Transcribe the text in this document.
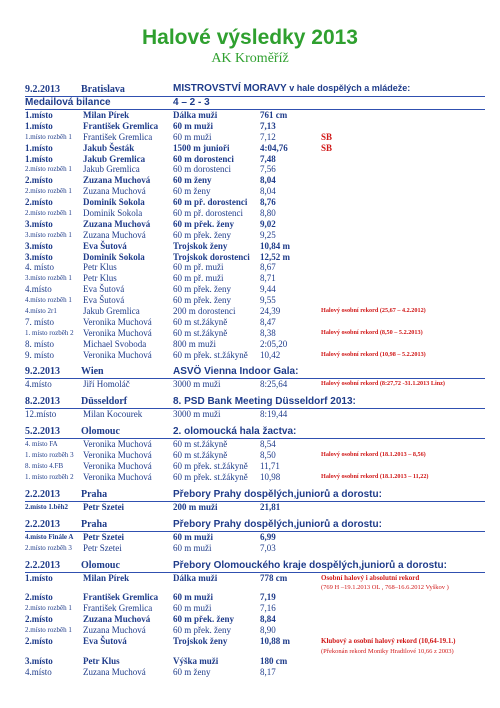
Halové výsledky 2013
AK Kroměříž
9.2.2013 Bratislava	MISTROVSTVÍ MORAVY v hale dospělých a mládeže:
Medailová bilance	4 – 2 - 3
1.místo	Milan Pírek	Dálka muži	761 cm
1.místo	František Gremlica 60 m muži	7,13
1.místo rozběh 1 František Gremlica 60 m muži	7,12	SB
1.místo	Jakub Šesták	1500 m junioři	4:04,76	SB
1.místo	Jakub Gremlica	60 m dorostenci	7,48
2.místo rozběh 1 Jakub Gremlica	60 m dorostenci	7,56
2.místo	Zuzana Muchová	60 m ženy	8,04
2.místo rozběh 1 Zuzana Muchová	60 m ženy	8,04
2.místo	Dominik Sokola	60 m př. dorostenci 8,76
2.místo rozběh 1 Dominik Sokola	60 m př. dorostenci 8,80
3.místo	Zuzana Muchová	60 m přek. ženy	9,02
3.místo rozběh 1 Zuzana Muchová	60 m přek. ženy	9,25
3.místo	Eva Šutová	Trojskok ženy	10,84 m
3.místo	Dominik Sokola	Trojskok dorostenci 12,52 m
4. místo	Petr Klus	60 m př. muži	8,67
3.místo rozběh 1 Petr Klus	60 m př. muži	8,71
4.místo	Eva Šutová	60 m přek. ženy	9,44
4.místo rozběh 1 Eva Šutová	60 m přek. ženy	9,55
4.místo 2r1	Jakub Gremlica	200 m dorostenci	24,39	Halový osobní rekord (25,67 – 4.2.2012)
7. místo	Veronika Muchová 60 m st.žákyně	8,47
1. místo rozběh 2 Veronika Muchová 60 m st.žákyně	8,38	Halový osobní rekord (8,50 – 5.2.2013)
8. místo	Michael Svoboda	800 m muži	2:05,20
9. místo	Veronika Muchová 60 m přek. st.žákyně 10,42	Halový osobní rekord (10,98 – 5.2.2013)
9.2.2013 Wien	ASVÖ Vienna Indoor Gala:
4.místo	Jiří Homoláč	3000 m muži	8:25,64	Halový osobní rekord (8:27,72 -31.1.2013 Linz)
8.2.2013 Düsseldorf	8. PSD Bank Meeting Düsseldorf 2013:
12.místo	Milan Kocourek	3000 m muži	8:19,44
5.2.2013 Olomouc	2. olomoucká hala žactva:
4. místo FA	Veronika Muchová 60 m st.žákyně	8,54
1. místo rozběh 3 Veronika Muchová 60 m st.žákyně	8,50	Halový osobní rekord (18.1.2013 – 8,56)
8. místo 4.FB Veronika Muchová 60 m přek. st.žákyně 11,71
1. místo rozběh 2 Veronika Muchová 60 m přek. st.žákyně 10,98	Halový osobní rekord (18.1.2013 – 11,22)
2.2.2013 Praha	Přebory Prahy dospělých,juniorů a dorostu:
2.místo 1.běh2 Petr Szetei	200 m muži	21,81
2.2.2013 Praha	Přebory Prahy dospělých,juniorů a dorostu:
4.místo Finále A Petr Szetei	60 m muži	6,99
2.místo rozběh 3 Petr Szetei	60 m muži	7,03
2.2.2013 Olomouc	Přebory Olomouckého kraje dospělých,juniorů a dorostu:
1.místo	Milan Pírek	Dálka muži	778 cm	Osobní halový i absolutní rekord
(769 H –19.1.2013 OL , 768–16.6.2012 Vyškov )
2.místo	František Gremlica 60 m muži	7,19
2.místo rozběh 1 František Gremlica 60 m muži	7,16
2.místo	Zuzana Muchová	60 m přek. ženy	8,84
2.místo rozběh 1 Zuzana Muchová	60 m přek. ženy	8,90
2.místo	Eva Šutová	Trojskok ženy	10,88 m	Klubový a osobní halový rekord (10,64-19.1.)
(Překonán rekord Moniky Hradilové 10,66 z 2003)
3.místo	Petr Klus	Výška muži	180 cm
4.místo	Zuzana Muchová	60 m ženy	8,17
